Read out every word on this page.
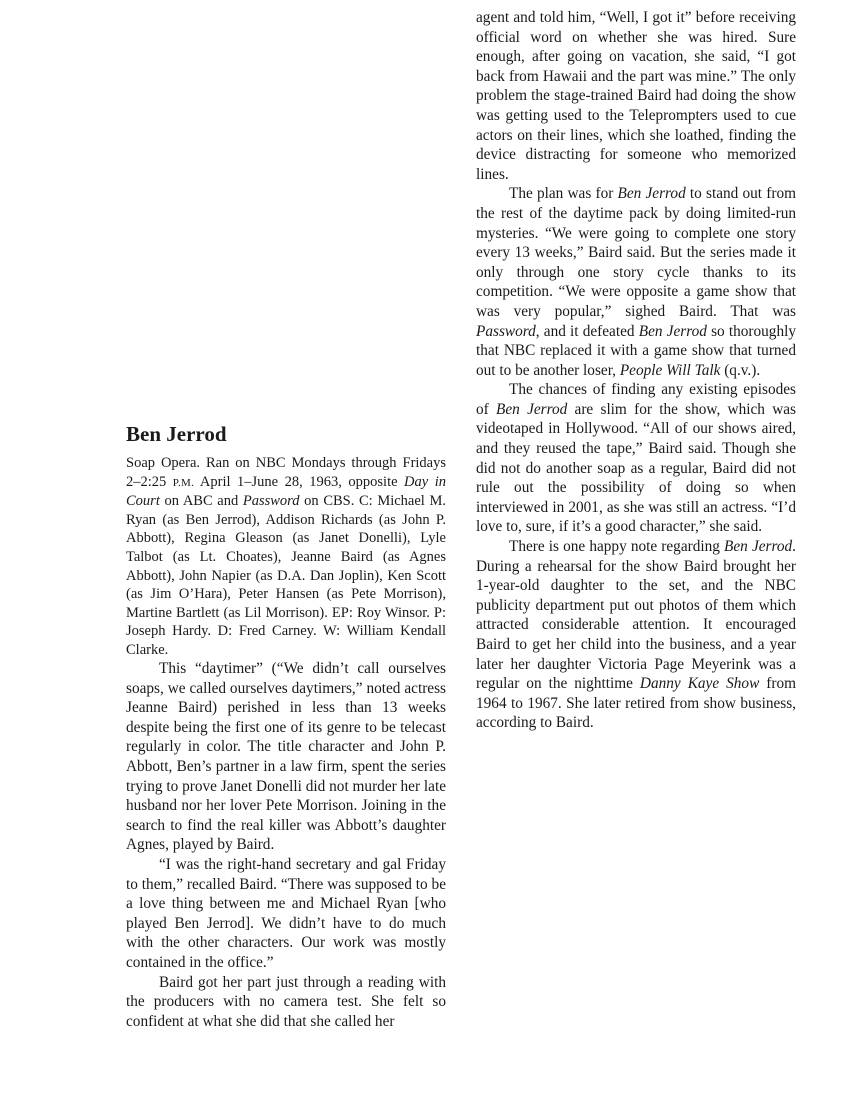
agent and told him, “Well, I got it” before receiving official word on whether she was hired. Sure enough, after going on vacation, she said, “I got back from Hawaii and the part was mine.” The only problem the stage-trained Baird had doing the show was getting used to the Teleprompters used to cue actors on their lines, which she loathed, finding the device distracting for someone who memorized lines.

The plan was for Ben Jerrod to stand out from the rest of the daytime pack by doing limited-run mysteries. “We were going to complete one story every 13 weeks,” Baird said. But the series made it only through one story cycle thanks to its competition. “We were opposite a game show that was very popular,” sighed Baird. That was Password, and it defeated Ben Jerrod so thoroughly that NBC replaced it with a game show that turned out to be another loser, People Will Talk (q.v.).

The chances of finding any existing episodes of Ben Jerrod are slim for the show, which was videotaped in Hollywood. “All of our shows aired, and they reused the tape,” Baird said. Though she did not do another soap as a regular, Baird did not rule out the possibility of doing so when interviewed in 2001, as she was still an actress. “I’d love to, sure, if it’s a good character,” she said.

There is one happy note regarding Ben Jerrod. During a rehearsal for the show Baird brought her 1-year-old daughter to the set, and the NBC publicity department put out photos of them which attracted considerable attention. It encouraged Baird to get her child into the business, and a year later her daughter Victoria Page Meyerink was a regular on the nighttime Danny Kaye Show from 1964 to 1967. She later retired from show business, according to Baird.

Ben Jerrod
Soap Opera. Ran on NBC Mondays through Fridays 2–2:25 P.M. April 1–June 28, 1963, opposite Day in Court on ABC and Password on CBS. C: Michael M. Ryan (as Ben Jerrod), Addison Richards (as John P. Abbott), Regina Gleason (as Janet Donelli), Lyle Talbot (as Lt. Choates), Jeanne Baird (as Agnes Abbott), John Napier (as D.A. Dan Joplin), Ken Scott (as Jim O’Hara), Peter Hansen (as Pete Morrison), Martine Bartlett (as Lil Morrison). EP: Roy Winsor. P: Joseph Hardy. D: Fred Carney. W: William Kendall Clarke.

This “daytimer” (“We didn’t call ourselves soaps, we called ourselves daytimers,” noted actress Jeanne Baird) perished in less than 13 weeks despite being the first one of its genre to be telecast regularly in color. The title character and John P. Abbott, Ben’s partner in a law firm, spent the series trying to prove Janet Donelli did not murder her late husband nor her lover Pete Morrison. Joining in the search to find the real killer was Abbott’s daughter Agnes, played by Baird.

“I was the right-hand secretary and gal Friday to them,” recalled Baird. “There was supposed to be a love thing between me and Michael Ryan [who played Ben Jerrod]. We didn’t have to do much with the other characters. Our work was mostly contained in the office.”

Baird got her part just through a reading with the producers with no camera test. She felt so confident at what she did that she called her
